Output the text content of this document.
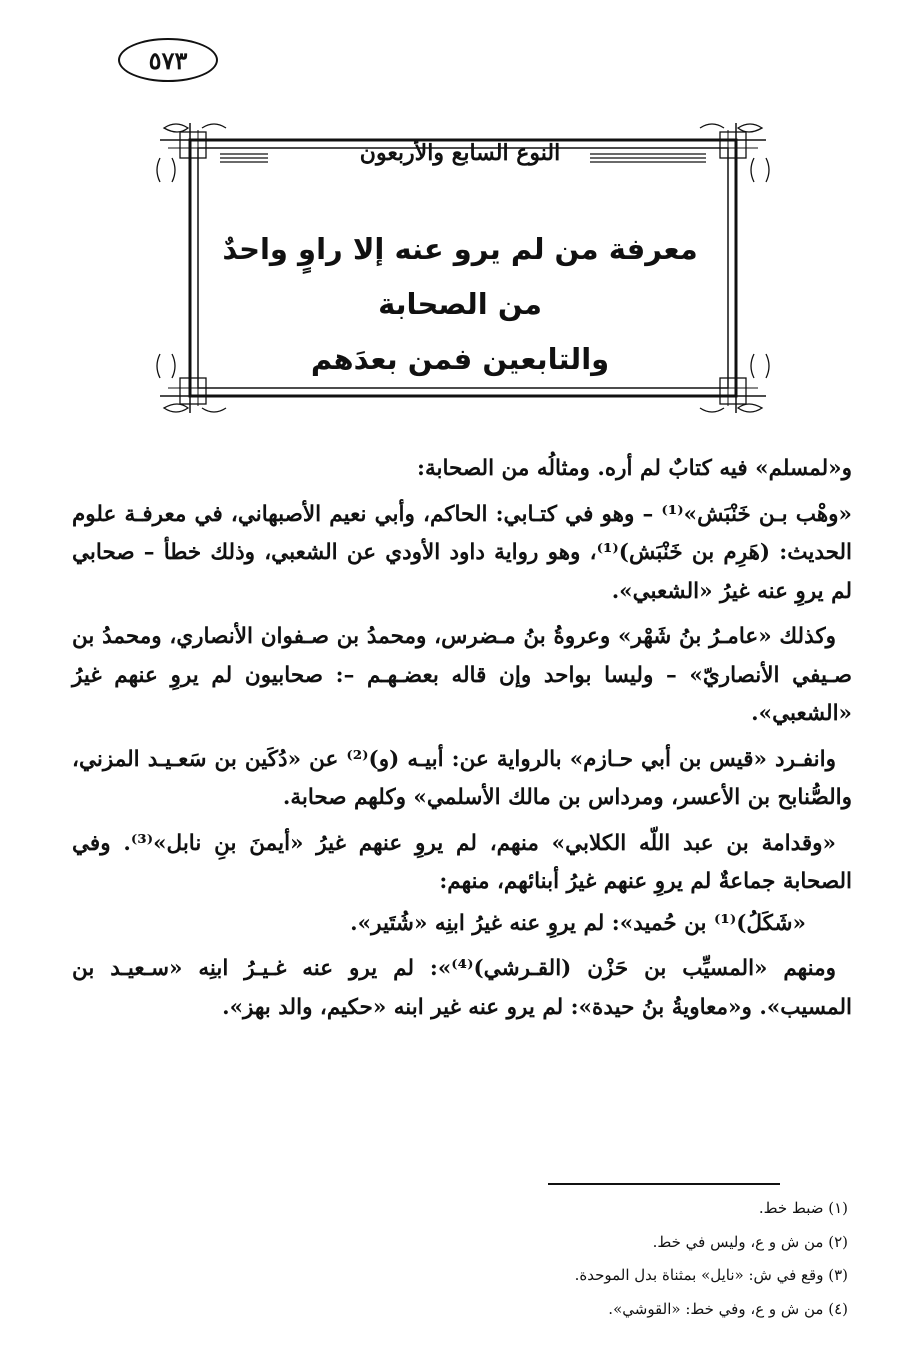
٥٧٣
النوع السابع والأربعون
معرفة من لم يرو عنه إلا راوٍ واحدٌ من الصحابة
والتابعين فمن بعدَهم

و«لمسلم» فيه كتابٌ لم أره. ومثالُه من الصحابة:

«وهْب بـن خَنْبَش»⁽¹⁾ – وهو في كتـابي: الحاكم، وأبي نعيم الأصبهاني، في معرفـة علوم الحديث: (هَرِم بن خَنْبَش)⁽¹⁾، وهو رواية داود الأودي عن الشعبي، وذلك خطأ – صحابي لم يروِ عنه غيرُ «الشعبي».

وكذلك «عامـرُ بنُ شَهْر» وعروةُ بنُ مـضرس، ومحمدُ بن صـفوان الأنصاري، ومحمدُ بن صـيفي الأنصاريّ» – وليسا بواحد وإن قاله بعضـهـم –: صحابيون لم يروِ عنهم غيرُ «الشعبي».

وانفـرد «قيس بن أبي حـازم» بالرواية عن: أبيـه (و)⁽²⁾ عن «دُكَين بن سَعـيـد المزني، والصُّنابح بن الأعسر، ومرداس بن مالك الأسلمي» وكلهم صحابة.

«وقدامة بن عبد اللّه الكلابي» منهم، لم يروِ عنهم غيرُ «أيمنَ بنِ نابل»⁽³⁾. وفي الصحابة جماعةٌ لم يروِ عنهم غيرُ أبنائهم، منهم:

«شَكَلُ)⁽¹⁾ بن حُميد»: لم يروِ عنه غيرُ ابنِه «شُتَير».

ومنهم «المسيِّب بن حَزْن (القـرشي)⁽⁴⁾»: لم يرو عنه غـيـرُ ابنِه «سـعيـد بن المسيب». و«معاويةُ بنُ حيدة»: لم يرو عنه غير ابنه «حكيم، والد بهز».

(١) ضبط خط.
(٢) من ش و ع، وليس في خط.
(٣) وقع في ش: «نايل» بمثناة بدل الموحدة.
(٤) من ش و ع، وفي خط: «القوشي».
